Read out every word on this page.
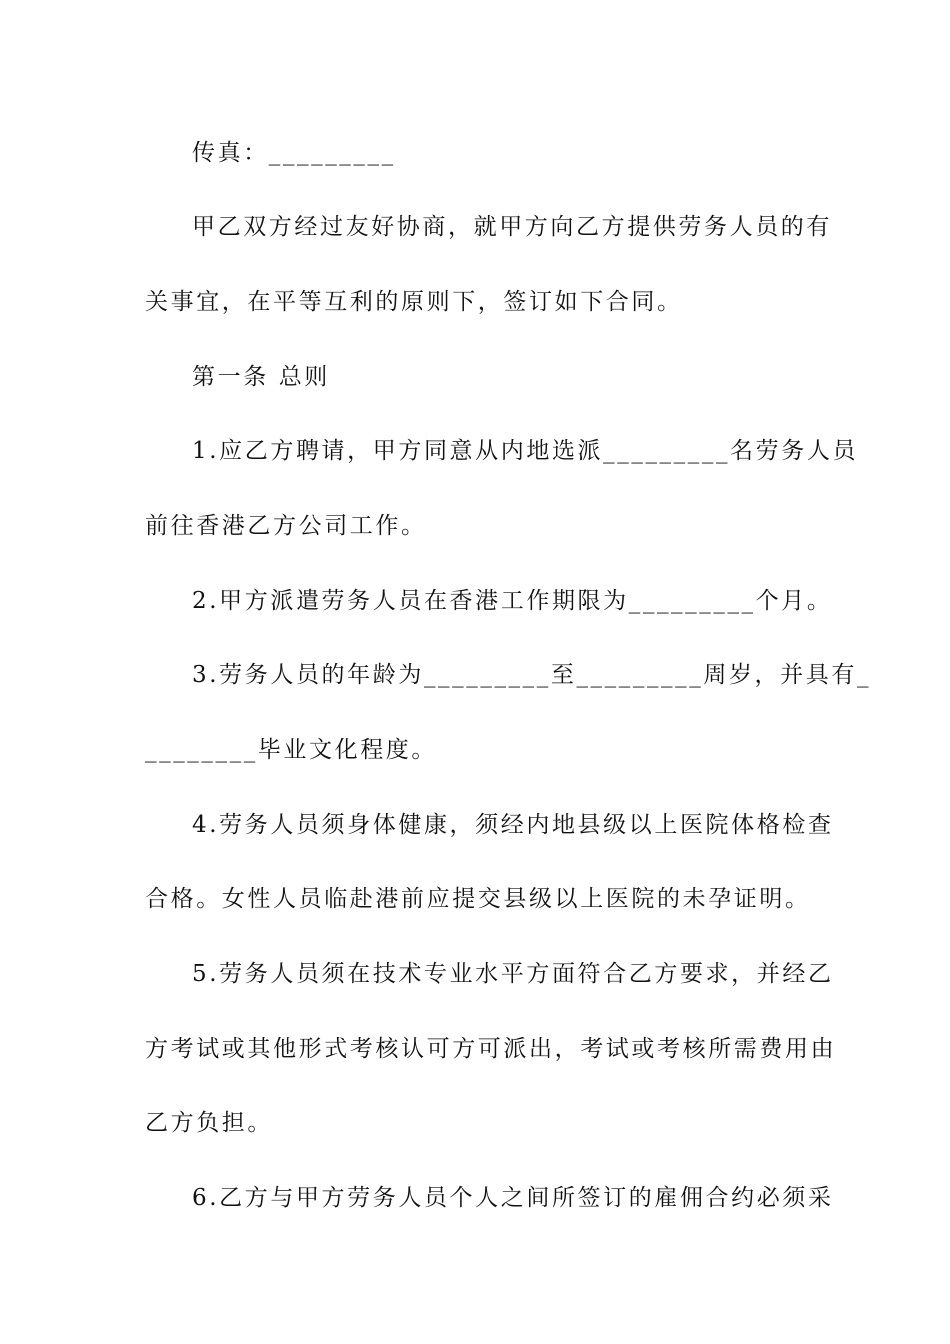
传真：_________
甲乙双方经过友好协商，就甲方向乙方提供劳务人员的有
关事宜，在平等互利的原则下，签订如下合同。
第一条 总则
1.应乙方聘请，甲方同意从内地选派_________名劳务人员
前往香港乙方公司工作。
2.甲方派遣劳务人员在香港工作期限为_________个月。
3.劳务人员的年龄为_________至_________周岁，并具有_
________毕业文化程度。
4.劳务人员须身体健康，须经内地县级以上医院体格检查
合格。女性人员临赴港前应提交县级以上医院的未孕证明。
5.劳务人员须在技术专业水平方面符合乙方要求，并经乙
方考试或其他形式考核认可方可派出，考试或考核所需费用由
乙方负担。
6.乙方与甲方劳务人员个人之间所签订的雇佣合约必须采
